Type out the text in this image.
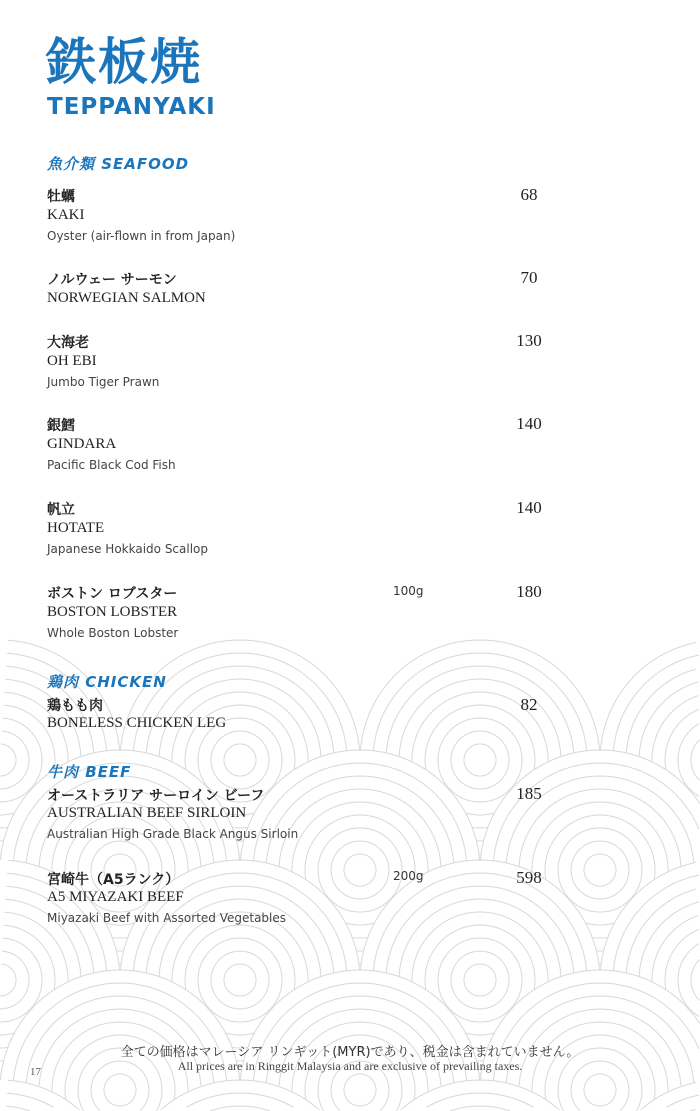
鉄板焼
TEPPANYAKI
魚介類 SEAFOOD
牡蠣
KAKI
Oyster (air-flown in from Japan)
68
ノルウェー サーモン
NORWEGIAN SALMON
70
大海老
OH EBI
Jumbo Tiger Prawn
130
銀鱈
GINDARA
Pacific Black Cod Fish
140
帆立
HOTATE
Japanese Hokkaido Scallop
140
ボストン ロブスター
BOSTON LOBSTER
Whole Boston Lobster
100g	180
鶏肉 CHICKEN
鶏もも肉
BONELESS CHICKEN LEG
82
牛肉 BEEF
オーストラリア サーロイン ビーフ
AUSTRALIAN BEEF SIRLOIN
Australian High Grade Black Angus Sirloin
185
宮崎牛（A5ランク）
A5 MIYAZAKI BEEF
Miyazaki Beef with Assorted Vegetables
200g	598
全ての価格はマレーシア リンギット(MYR)であり、税金は含まれていません。
All prices are in Ringgit Malaysia and are exclusive of prevailing taxes.
17
